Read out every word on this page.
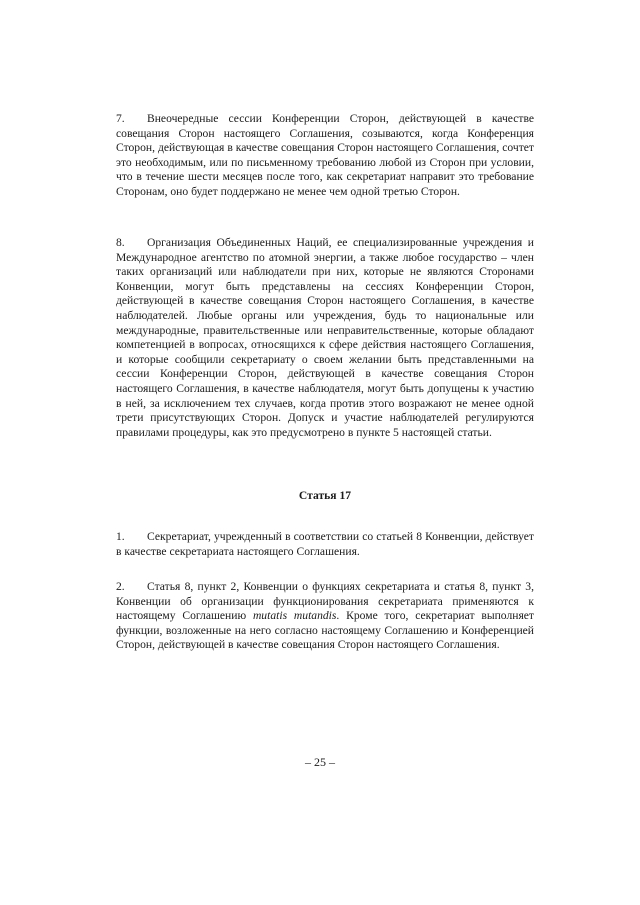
7. Внеочередные сессии Конференции Сторон, действующей в качестве совещания Сторон настоящего Соглашения, созываются, когда Конференция Сторон, действующая в качестве совещания Сторон настоящего Соглашения, сочтет это необходимым, или по письменному требованию любой из Сторон при условии, что в течение шести месяцев после того, как секретариат направит это требование Сторонам, оно будет поддержано не менее чем одной третью Сторон.
8. Организация Объединенных Наций, ее специализированные учреждения и Международное агентство по атомной энергии, а также любое государство – член таких организаций или наблюдатели при них, которые не являются Сторонами Конвенции, могут быть представлены на сессиях Конференции Сторон, действующей в качестве совещания Сторон настоящего Соглашения, в качестве наблюдателей. Любые органы или учреждения, будь то национальные или международные, правительственные или неправительственные, которые обладают компетенцией в вопросах, относящихся к сфере действия настоящего Соглашения, и которые сообщили секретариату о своем желании быть представленными на сессии Конференции Сторон, действующей в качестве совещания Сторон настоящего Соглашения, в качестве наблюдателя, могут быть допущены к участию в ней, за исключением тех случаев, когда против этого возражают не менее одной трети присутствующих Сторон. Допуск и участие наблюдателей регулируются правилами процедуры, как это предусмотрено в пункте 5 настоящей статьи.
Статья 17
1. Секретариат, учрежденный в соответствии со статьей 8 Конвенции, действует в качестве секретариата настоящего Соглашения.
2. Статья 8, пункт 2, Конвенции о функциях секретариата и статья 8, пункт 3, Конвенции об организации функционирования секретариата применяются к настоящему Соглашению mutatis mutandis. Кроме того, секретариат выполняет функции, возложенные на него согласно настоящему Соглашению и Конференцией Сторон, действующей в качестве совещания Сторон настоящего Соглашения.
– 25 –
